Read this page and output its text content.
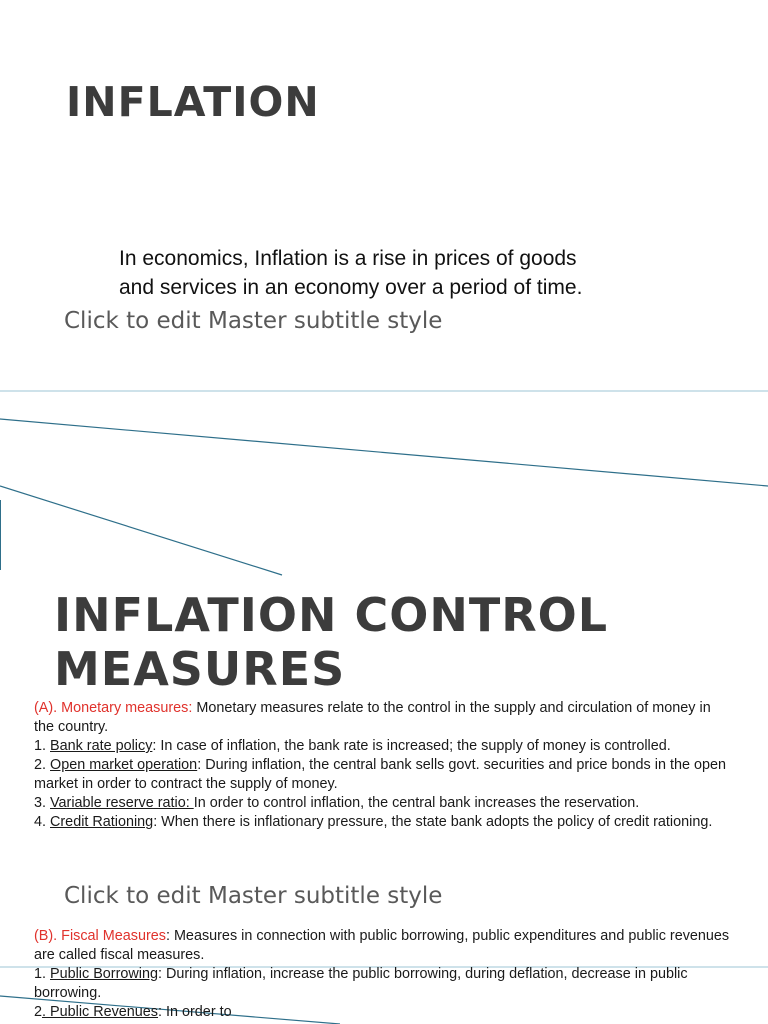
INFLATION
In economics, Inflation is a rise in prices of goods and services in an economy over a period of time.
Click to edit Master subtitle style
INFLATION CONTROL
MEASURES

(A). Monetary measures: Monetary measures relate to the control in the supply and circulation of money in the country.

1. Bank rate policy: In case of inflation, the bank rate is increased; the supply of money is controlled.

2. Open market operation: During inflation, the central bank sells govt. securities and price bonds in the open market in order to contract the supply of money.

3. Variable reserve ratio: In order to control inflation, the central bank increases the reservation.

4. Credit Rationing: When there is inflationary pressure, the state bank adopts the policy of credit rationing.

Click to edit Master subtitle style

(B). Fiscal Measures: Measures in connection with public borrowing, public expenditures and public revenues are called fiscal measures.

1. Public Borrowing: During inflation, increase the public borrowing, during deflation, decrease in public borrowing.

2. Public Revenues: In order to
